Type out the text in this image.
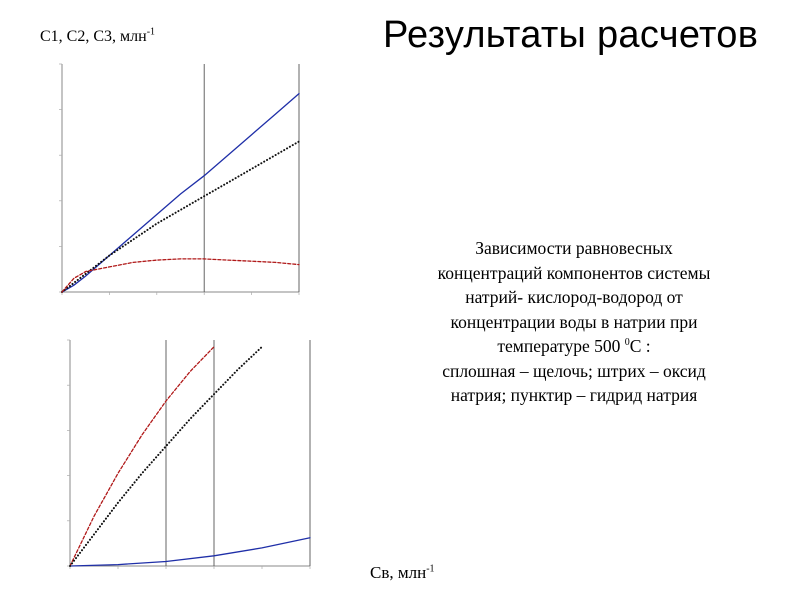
Результаты расчетов
С1, С2, С3, млн$^{-1}$
Св, млн$^{-1}$
Зависимости равновесных
концентраций компонентов системы
натрий- кислород-водород от
концентрации воды в натрии при
температуре 500 $^0$С :
сплошная – щелочь; штрих – оксид
натрия; пунктир – гидрид натрия
